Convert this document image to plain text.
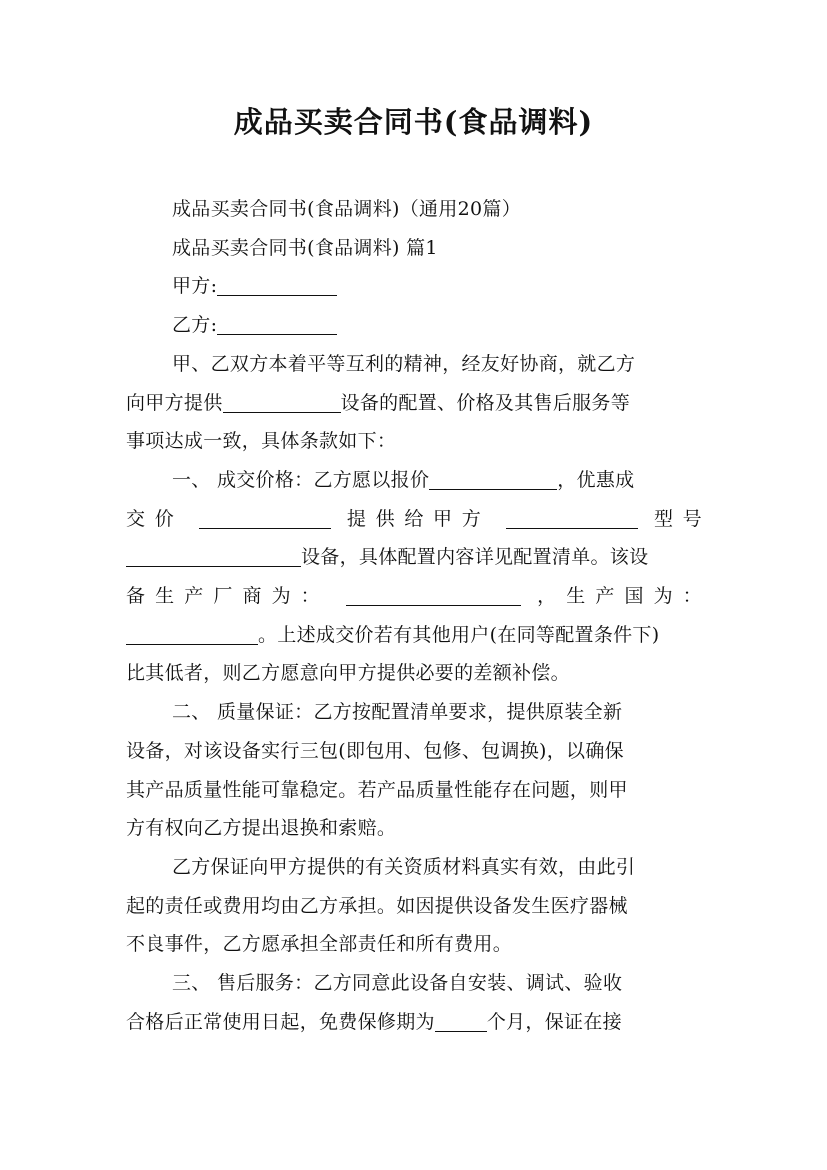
成品买卖合同书(食品调料)
成品买卖合同书(食品调料)（通用20篇）
成品买卖合同书(食品调料) 篇1
甲方:
乙方:
甲、乙双方本着平等互利的精神，经友好协商，就乙方
向甲方提供	设备的配置、价格及其售后服务等
事项达成一致，具体条款如下：
一、 成交价格：乙方愿以报价	，优惠成
交价	提供给甲方	型号
设备，具体配置内容详见配置清单。该设
备生产厂商为：	，生产国为：
。上述成交价若有其他用户(在同等配置条件下)
比其低者，则乙方愿意向甲方提供必要的差额补偿。
二、 质量保证：乙方按配置清单要求，提供原装全新
设备，对该设备实行三包(即包用、包修、包调换)，以确保
其产品质量性能可靠稳定。若产品质量性能存在问题，则甲
方有权向乙方提出退换和索赔。
乙方保证向甲方提供的有关资质材料真实有效，由此引
起的责任或费用均由乙方承担。如因提供设备发生医疗器械
不良事件，乙方愿承担全部责任和所有费用。
三、 售后服务：乙方同意此设备自安装、调试、验收
合格后正常使用日起，免费保修期为	个月，保证在接
